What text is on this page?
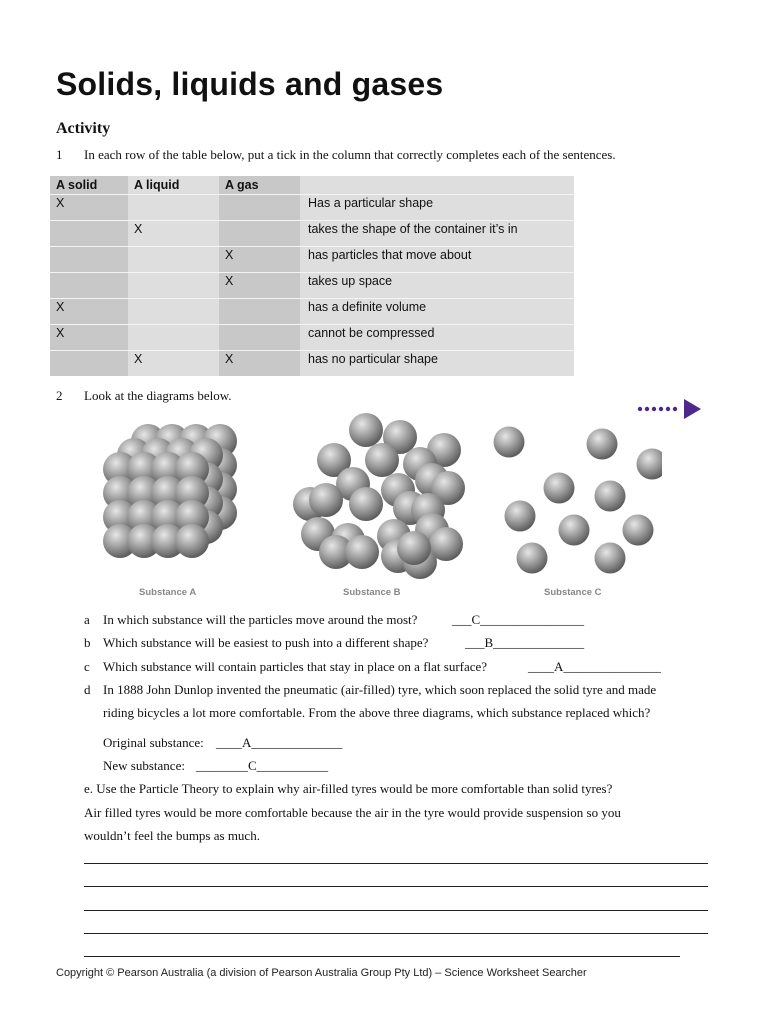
Solids, liquids and gases
Activity
1 In each row of the table below, put a tick in the column that correctly completes each of the sentences.
A solid	A liquid	A gas	
X			Has a particular shape
	X		takes the shape of the container it’s in
		X	has particles that move about
		X	takes up space
X			has a definite volume
X			cannot be compressed
	X	X	has no particular shape
2 Look at the diagrams below.
Substance A	Substance B	Substance C
a In which substance will the particles move around the most?	___C________________
b Which substance will be easiest to push into a different shape?	___B______________
c Which substance will contain particles that stay in place on a flat surface?	____A_______________
d In 1888 John Dunlop invented the pneumatic (air-filled) tyre, which soon replaced the solid tyre and made
riding bicycles a lot more comfortable. From the above three diagrams, which substance replaced which?
Original substance: ____A______________
New substance: ________C___________
e. Use the Particle Theory to explain why air-filled tyres would be more comfortable than solid tyres?
Air filled tyres would be more comfortable because the air in the tyre would provide suspension so you
wouldn’t feel the bumps as much.
Copyright © Pearson Australia (a division of Pearson Australia Group Pty Ltd) – Science Worksheet Searcher
